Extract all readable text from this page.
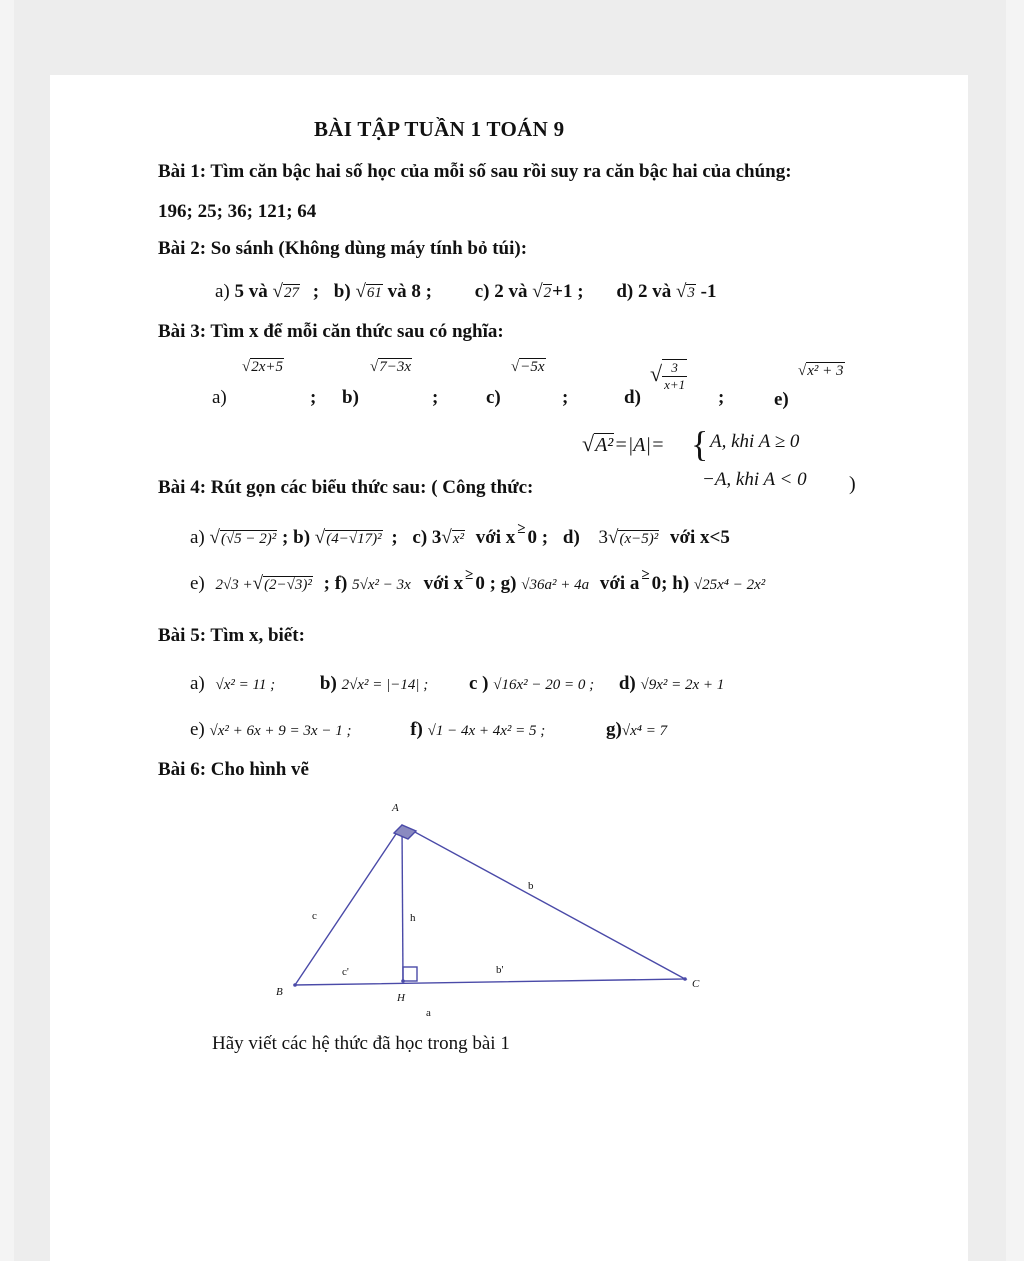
BÀI TẬP TUẦN 1 TOÁN 9
Bài 1: Tìm căn bậc hai số học của mỗi số sau rồi suy ra căn bậc hai của chúng:
196; 25; 36; 121; 64
Bài 2: So sánh (Không dùng máy tính bỏ túi):
a) 5 và √27 ; b) √61 và 8 ; c) 2 và √2+1 ; d) 2 và √3 -1
Bài 3: Tìm x để mỗi căn thức sau có nghĩa:
a)
√2x+5
; b)
√7−3x
;	c)
√−5x
;	d)
√ $\frac{3}{x+1}$
;	e)
√x² + 3
√A²=|A|= { A, khi A ≥ 0
−A, khi A < 0 )
Bài 4: Rút gọn các biểu thức sau: ( Công thức:
a) √(√5 − 2)² ; b) √(4−√17)² ; c) 3√x² với x ≥ 0 ; d) 3√(x−5)² với x<5
e) 2√3 +√(2−√3)² ; f) 5√x² − 3x với x ≥ 0 ; g) √36a² + 4a với a ≥ 0; h) √25x⁴ − 2x²
Bài 5: Tìm x, biết:
a) √x² = 11 ; b) 2√x² = |−14| ; c ) √16x² − 20 = 0 ; d) √9x² = 2x + 1
e) √x² + 6x + 9 = 3x − 1 ;	f) √1 − 4x + 4x² = 5 ;	g)√x⁴ = 7
Bài 6: Cho hình vẽ
A
B
C
H
b
c	h
c'	b'
a
Hãy viết các hệ thức đã học trong bài 1
